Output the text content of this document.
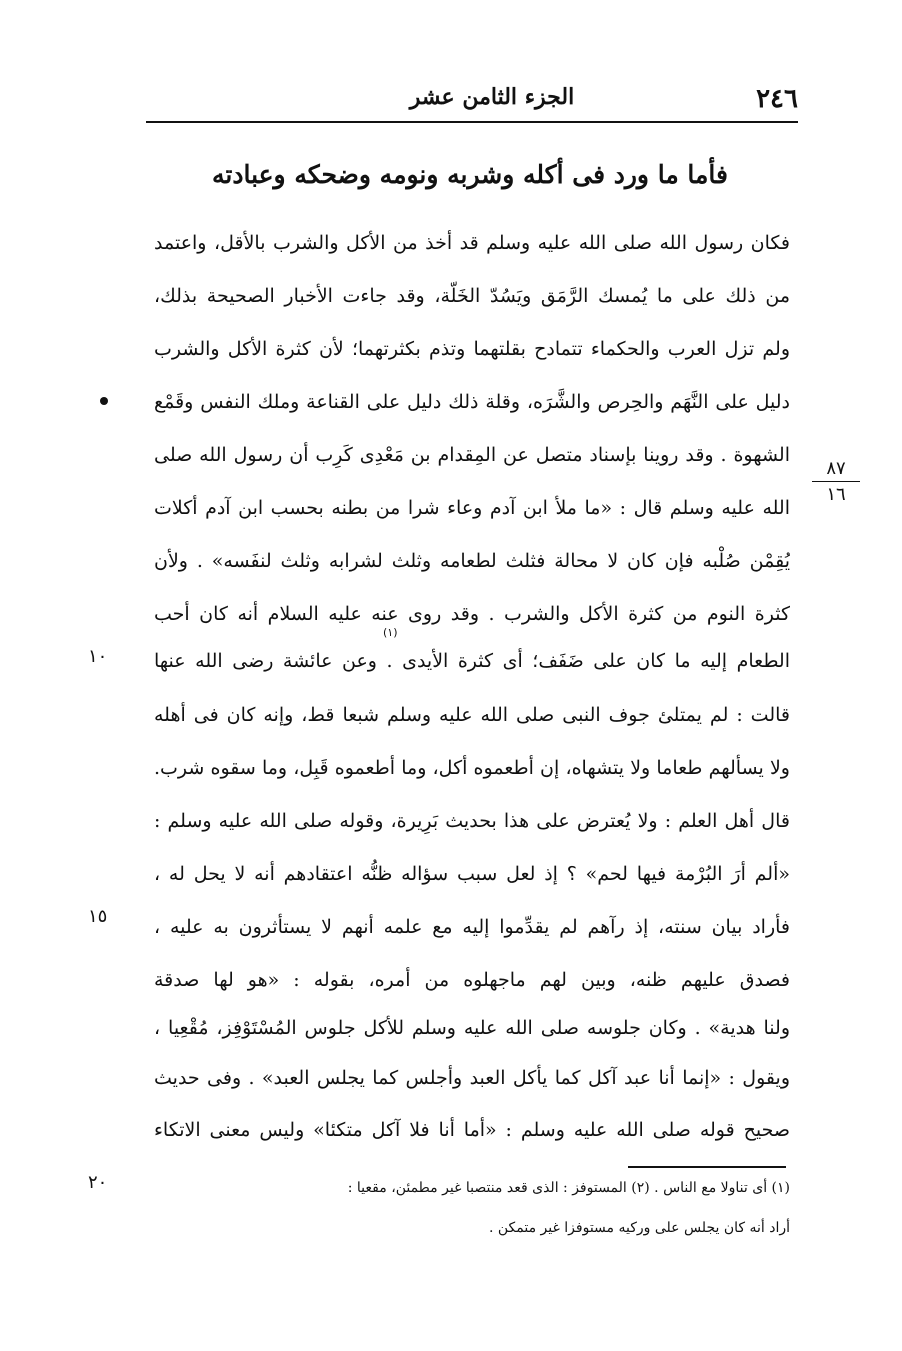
٢٤٦
الجزء الثامن عشر
فأما ما ورد فى أكله وشربه ونومه وضحكه وعبادته
فكان رسول الله صلى الله عليه وسلم قد أخذ من الأكل والشرب بالأقل، واعتمد
من ذلك على ما يُمسك الرَّمَق ويَسُدّ الخَلّة، وقد جاءت الأخبار الصحيحة بذلك،
ولم تزل العرب والحكماء تتمادح بقلتهما وتذم بكثرتهما؛ لأن كثرة الأكل والشرب
دليل على النَّهَم والحِرص والشَّرَه، وقلة ذلك دليل على القناعة وملك النفس وقَمْع
الشهوة . وقد روينا بإسناد متصل عن المِقدام بن مَعْدِى كَرِب أن رسول الله صلى
الله عليه وسلم قال : «ما ملأ ابن آدم وعاء شرا من بطنه بحسب ابن آدم أكلات
يُقِمْن صُلْبه فإن كان لا محالة فثلث لطعامه وثلث لشرابه وثلث لنفَسه» . ولأن
كثرة النوم من كثرة الأكل والشرب . وقد روى عنه عليه السلام أنه كان أحب
الطعام إليه ما كان على ضَفَف؛ أى كثرة الأيدى . وعن عائشة رضى الله عنها
قالت : لم يمتلئ جوف النبى صلى الله عليه وسلم شبعا قط، وإنه كان فى أهله
ولا يسألهم طعاما ولا يتشهاه، إن أطعموه أكل، وما أطعموه قَبِل، وما سقوه شرب.
قال أهل العلم : ولا يُعترض على هذا بحديث بَرِيرة، وقوله صلى الله عليه وسلم :
«ألم أرَ البُرْمة فيها لحم» ؟ إذ لعل سبب سؤاله ظنُّه اعتقادهم أنه لا يحل له ،
فأراد بيان سنته، إذ رآهم لم يقدِّموا إليه مع علمه أنهم لا يستأثرون به عليه ،
فصدق عليهم ظنه، وبين لهم ماجهلوه من أمره، بقوله : «هو لها صدقة
ولنا هدية» . وكان جلوسه صلى الله عليه وسلم للأكل جلوس المُسْتَوْفِز، مُقْعِيا ،
ويقول : «إنما أنا عبد آكل كما يأكل العبد وأجلس كما يجلس العبد» . وفى حديث
صحيح قوله صلى الله عليه وسلم : «أما أنا فلا آكل متكئا» وليس معنى الاتكاء
(١)
١٠
١٥
٢٠
٨٧
١٦
(١) أى تناولا مع الناس . (٢) المستوفز : الذى قعد منتصبا غير مطمئن، مقعيا :
أراد أنه كان يجلس على وركيه مستوفزا غير متمكن .
